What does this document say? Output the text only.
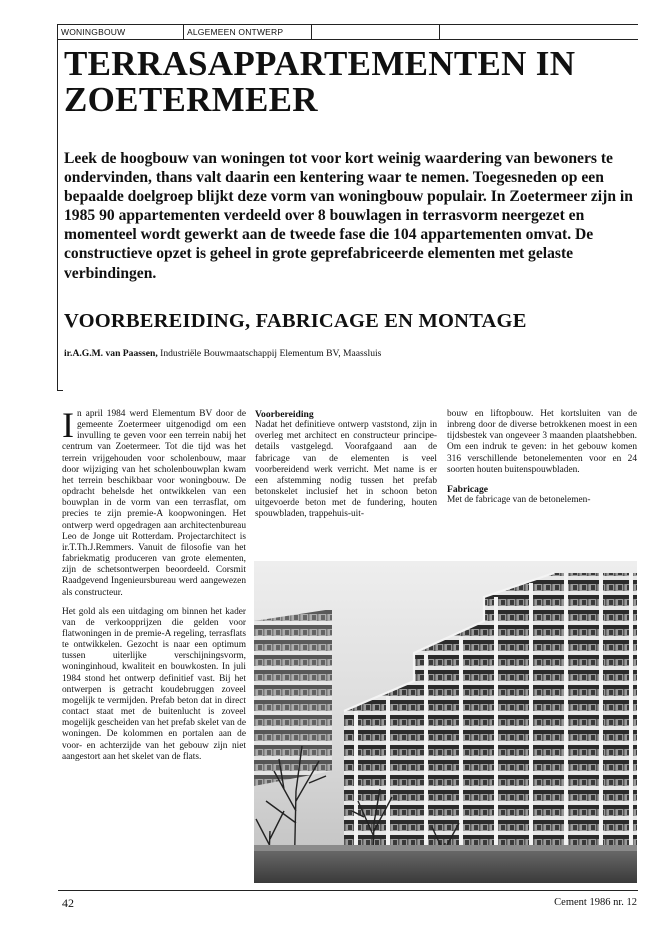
WONINGBOUW	ALGEMEEN ONTWERP
TERRASAPPARTEMENTEN IN ZOETERMEER

Leek de hoogbouw van woningen tot voor kort weinig waardering van bewoners te ondervinden, thans valt daarin een kentering waar te nemen. Toegesneden op een bepaalde doelgroep blijkt deze vorm van woningbouw populair. In Zoetermeer zijn in 1985 90 appartementen verdeeld over 8 bouwlagen in terrasvorm neergezet en momenteel wordt gewerkt aan de tweede fase die 104 appartementen omvat. De constructieve opzet is geheel in grote geprefabriceerde elementen met gelaste verbindingen.

VOORBEREIDING, FABRICAGE EN MONTAGE
ir.A.G.M. van Paassen, Industriële Bouwmaatschappij Elementum BV, Maassluis

In april 1984 werd Elementum BV door de gemeente Zoetermeer uitgenodigd om een invulling te geven voor een terrein nabij het centrum van Zoetermeer. Tot die tijd was het terrein vrijgehouden voor scholenbouw, maar door wijziging van het scholenbouwplan kwam het terrein beschikbaar voor woningbouw. De opdracht behelsde het ontwikkelen van een bouwplan in de vorm van een terrasflat, om precies te zijn premie-A koopwoningen. Het ontwerp werd opgedragen aan architectenbureau Leo de Jonge uit Rotterdam. Projectarchitect is ir.T.Th.J.Remmers. Vanuit de filosofie van het fabriekmatig produceren van grote elementen, zijn de schetsontwerpen beoordeeld. Corsmit Raadgevend Ingenieursbureau werd aangewezen als constructeur.

Het gold als een uitdaging om binnen het kader van de verkoopprijzen die gelden voor flatwoningen in de premie-A regeling, terrasflats te ontwikkelen. Gezocht is naar een optimum tussen uiterlijke verschijningsvorm, woninginhoud, kwaliteit en bouwkosten. In juli 1984 stond het ontwerp definitief vast. Bij het ontwerpen is getracht koudebruggen zoveel mogelijk te vermijden. Prefab beton dat in direct contact staat met de buitenlucht is zoveel mogelijk gescheiden van het prefab skelet van de woningen. De kolommen en portalen aan de voor- en achterzijde van het gebouw zijn niet aangestort aan het skelet van de flats.

Voorbereiding

Nadat het definitieve ontwerp vaststond, zijn in overleg met architect en constructeur principe-details vastgelegd. Voorafgaand aan de fabricage van de elementen is veel voorbereidend werk verricht. Met name is er een afstemming nodig tussen het prefab betonskelet inclusief het in schoon beton uitgevoerde beton met de fundering, houten spouwbladen, trappehuis-uit-

bouw en liftopbouw. Het kortsluiten van de inbreng door de diverse betrokkenen moest in een tijdsbestek van ongeveer 3 maanden plaatshebben. Om een indruk te geven: in het gebouw komen 316 verschillende betonelementen voor en 24 soorten houten buitenspouwbladen.

Fabricage

Met de fabricage van de betonelemen-

42	Cement 1986 nr. 12
